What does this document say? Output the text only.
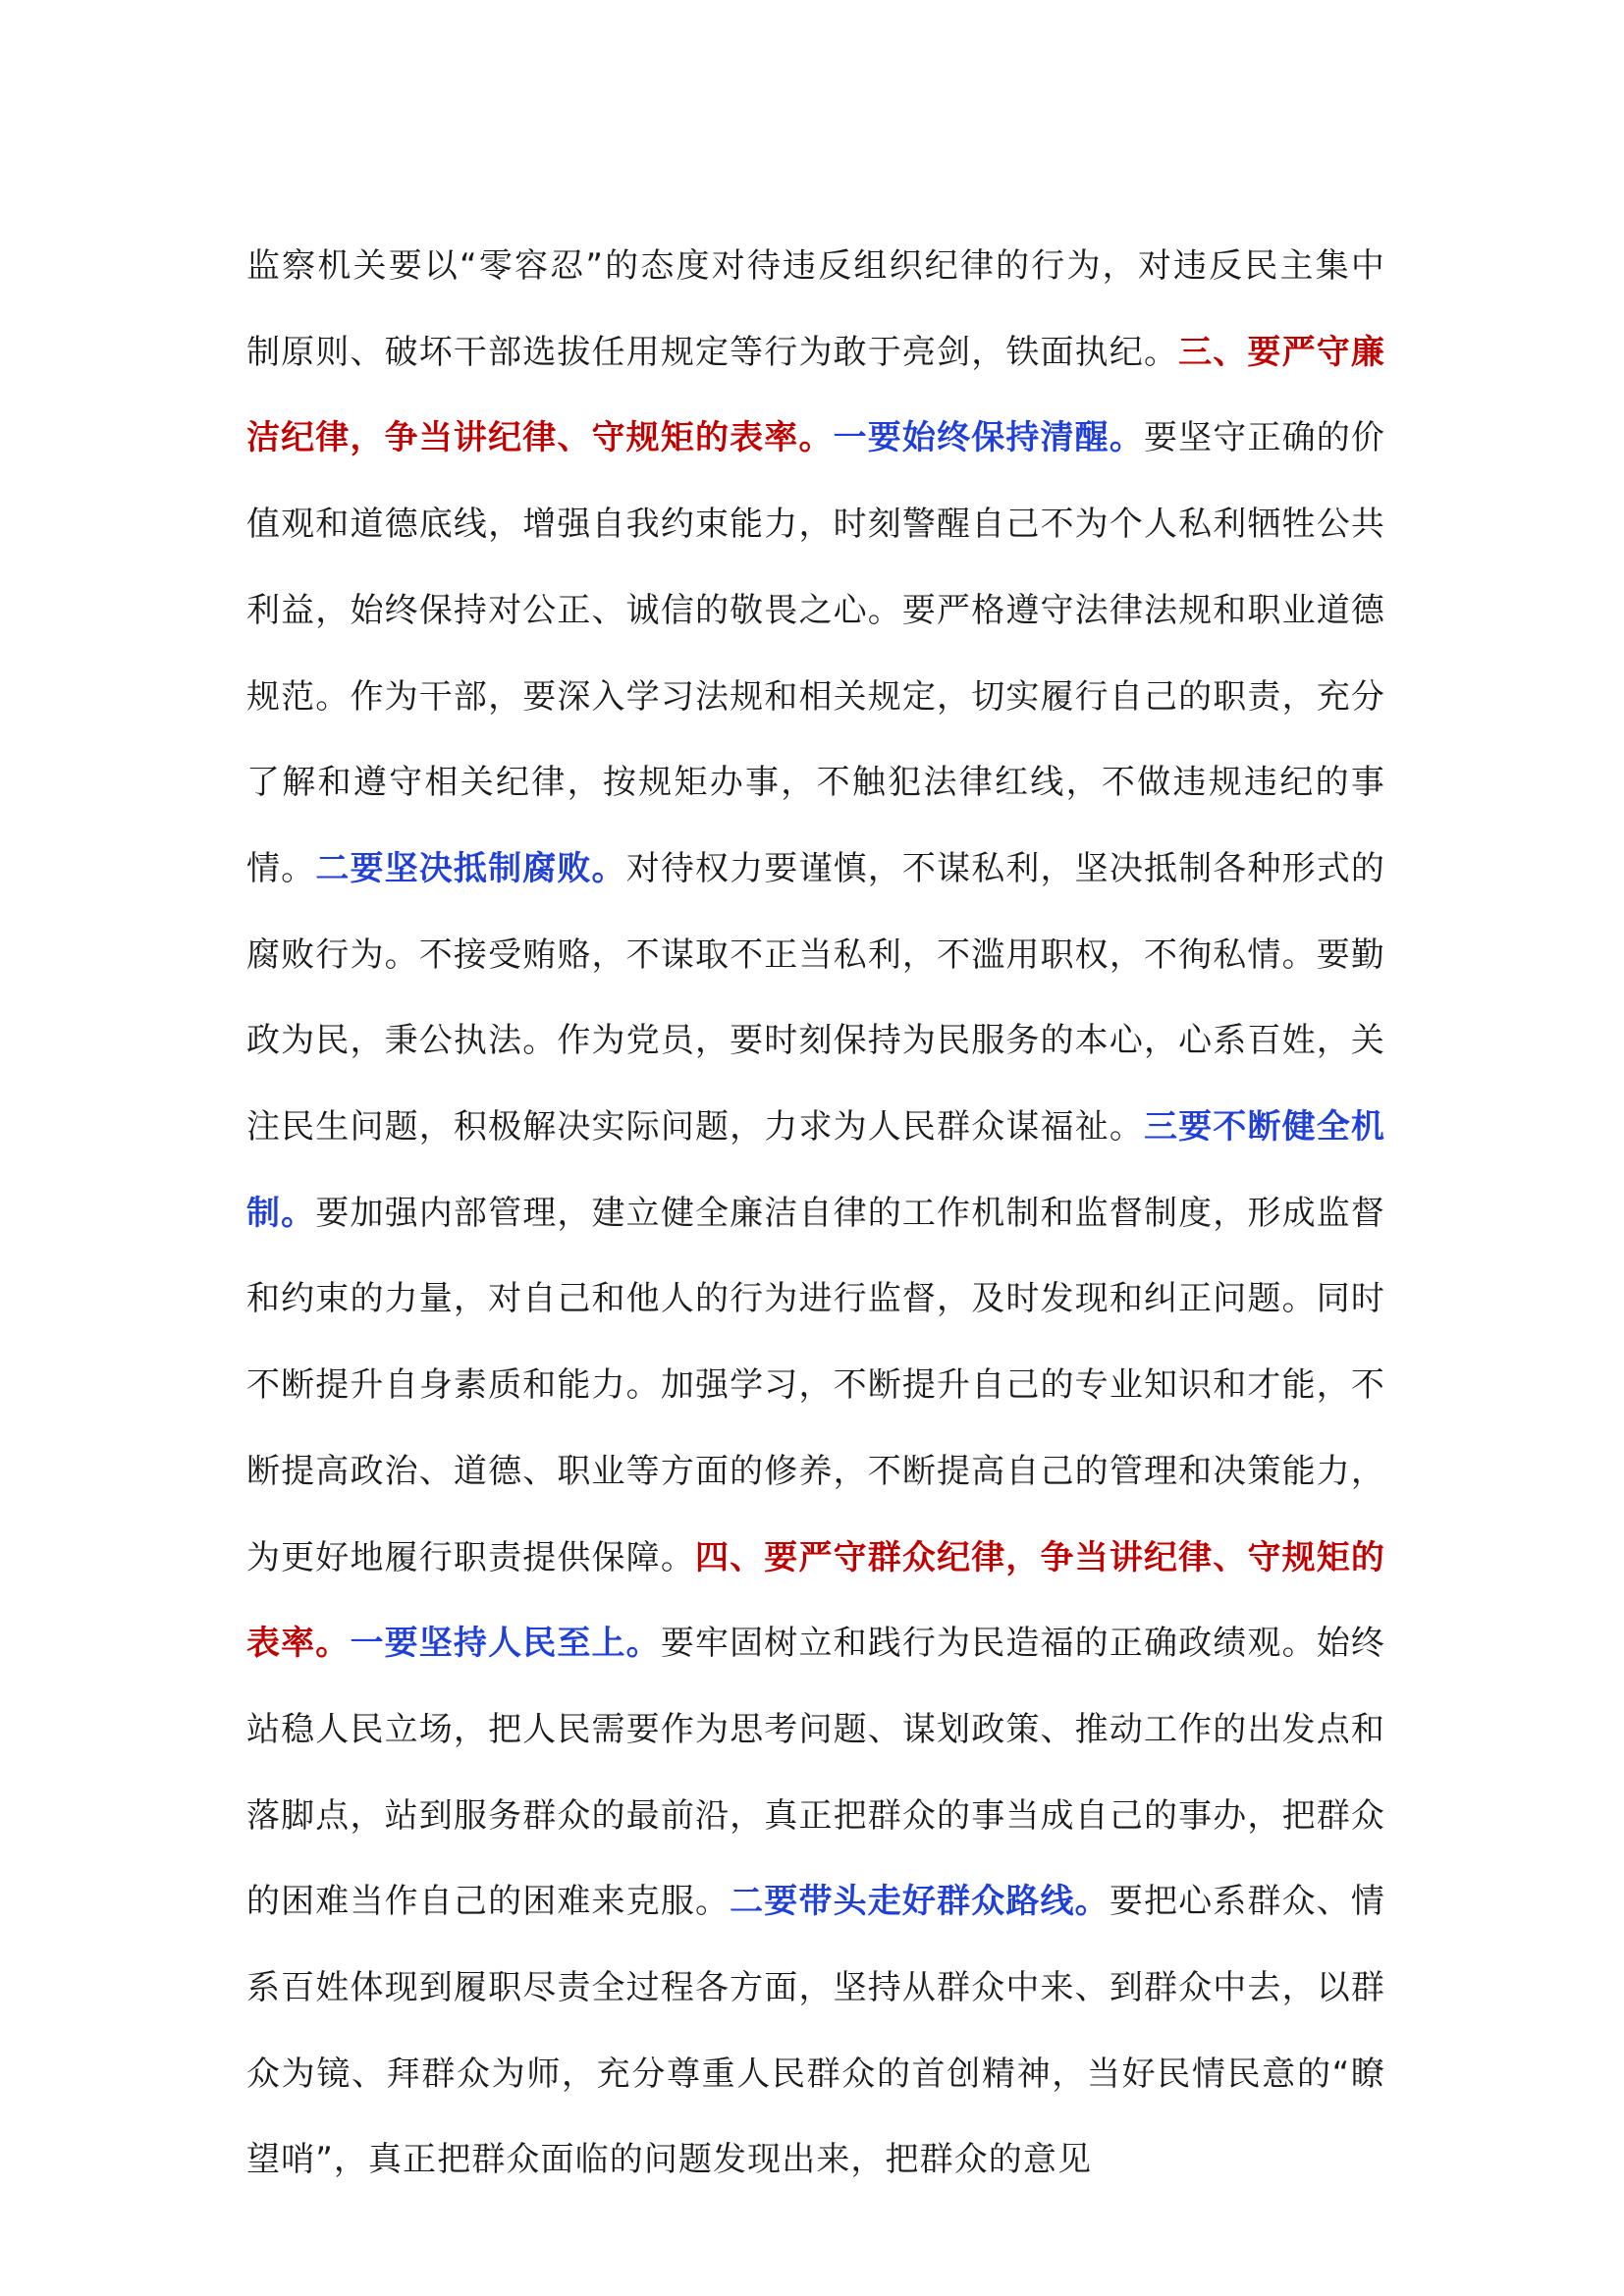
监察机关要以“零容忍”的态度对待违反组织纪律的行为，对违反民主集中制原则、破坏干部选拔任用规定等行为敢于亮剑，铁面执纪。三、要严守廉洁纪律，争当讲纪律、守规矩的表率。一要始终保持清醒。要坚守正确的价值观和道德底线，增强自我约束能力，时刻警醒自己不为个人私利牺牲公共利益，始终保持对公正、诚信的敬畏之心。要严格遵守法律法规和职业道德规范。作为干部，要深入学习法规和相关规定，切实履行自己的职责，充分了解和遵守相关纪律，按规矩办事，不触犯法律红线，不做违规违纪的事情。二要坚决抵制腐败。对待权力要谨慎，不谋私利，坚决抵制各种形式的腐败行为。不接受贿赂，不谋取不正当私利，不滥用职权，不徇私情。要勤政为民，秉公执法。作为党员，要时刻保持为民服务的本心，心系百姓，关注民生问题，积极解决实际问题，力求为人民群众谋福祉。三要不断健全机制。要加强内部管理，建立健全廉洁自律的工作机制和监督制度，形成监督和约束的力量，对自己和他人的行为进行监督，及时发现和纠正问题。同时不断提升自身素质和能力。加强学习，不断提升自己的专业知识和才能，不断提高政治、道德、职业等方面的修养，不断提高自己的管理和决策能力，为更好地履行职责提供保障。四、要严守群众纪律，争当讲纪律、守规矩的表率。一要坚持人民至上。要牢固树立和践行为民造福的正确政绩观。始终站稳人民立场，把人民需要作为思考问题、谋划政策、推动工作的出发点和落脚点，站到服务群众的最前沿，真正把群众的事当成自己的事办，把群众的困难当作自己的困难来克服。二要带头走好群众路线。要把心系群众、情系百姓体现到履职尽责全过程各方面，坚持从群众中来、到群众中去，以群众为镜、拜群众为师，充分尊重人民群众的首创精神，当好民情民意的“瞭望哨”，真正把群众面临的问题发现出来，把群众的意见
